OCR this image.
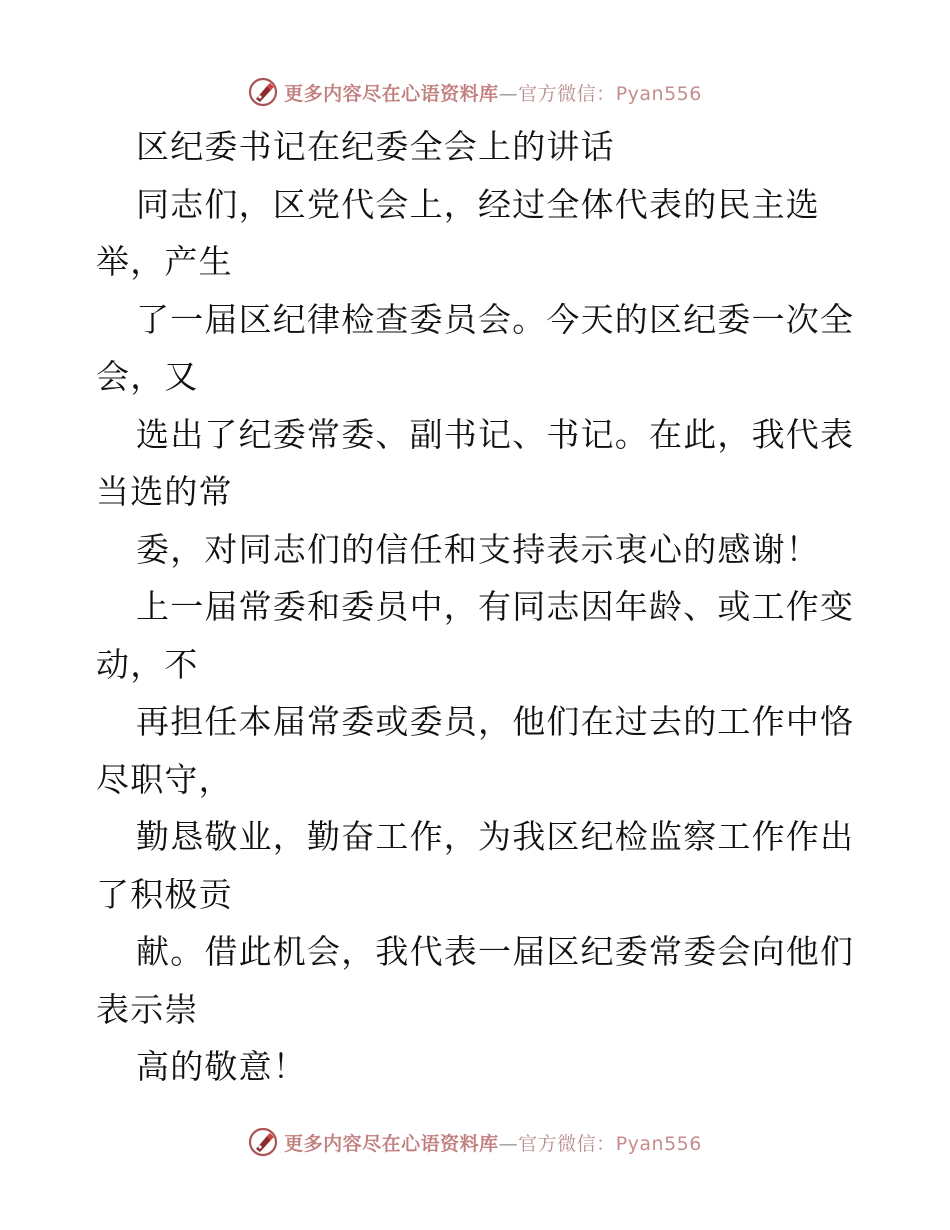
更多内容尽在心语资料库—官方微信：Pyan556
区纪委书记在纪委全会上的讲话
同志们，区党代会上，经过全体代表的民主选
举，产生
了一届区纪律检查委员会。今天的区纪委一次全
会，又
选出了纪委常委、副书记、书记。在此，我代表
当选的常
委，对同志们的信任和支持表示衷心的感谢！
上一届常委和委员中，有同志因年龄、或工作变
动，不
再担任本届常委或委员，他们在过去的工作中恪
尽职守，
勤恳敬业，勤奋工作，为我区纪检监察工作作出
了积极贡
献。借此机会，我代表一届区纪委常委会向他们
表示崇
高的敬意！
更多内容尽在心语资料库—官方微信：Pyan556
